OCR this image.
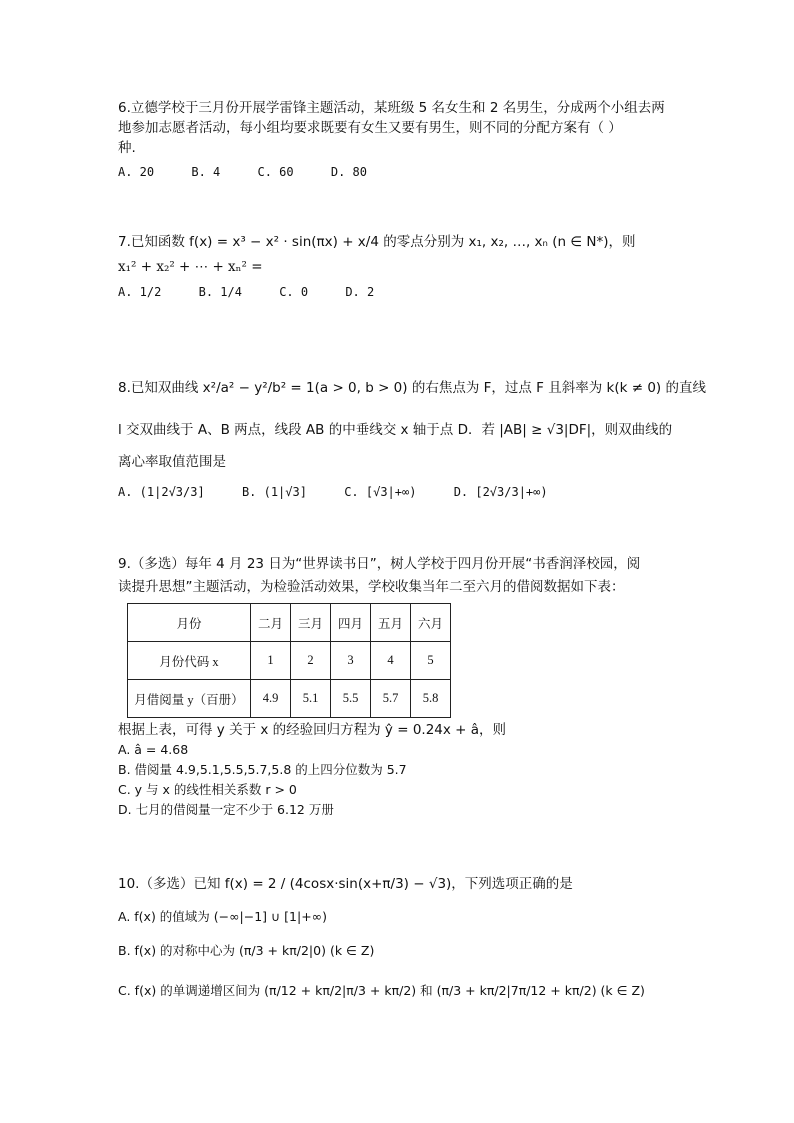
6.立德学校于三月份开展学雷锋主题活动，某班级 5 名女生和 2 名男生，分成两个小组去两
地参加志愿者活动，每小组均要求既要有女生又要有男生，则不同的分配方案有（ ）
种.
A. 20	B. 4	C. 60	D. 80
7.已知函数 f(x) = x³ − x² · sin(πx) + x/4 的零点分别为 x₁, x₂, …, xₙ (n ∈ N*)，则
x₁² + x₂² + ⋯ + xₙ² =
A. 1/2	B. 1/4	C. 0	D. 2
8.已知双曲线 x²/a² − y²/b² = 1(a > 0, b > 0) 的右焦点为 F，过点 F 且斜率为 k(k ≠ 0) 的直线
l 交双曲线于 A、B 两点，线段 AB 的中垂线交 x 轴于点 D．若 |AB| ≥ √3|DF|，则双曲线的
离心率取值范围是
A. (1|2√3/3]	B. (1|√3]	C. [√3|+∞)	D. [2√3/3|+∞)
9.（多选）每年 4 月 23 日为“世界读书日”，树人学校于四月份开展“书香润泽校园，阅
读提升思想”主题活动，为检验活动效果，学校收集当年二至六月的借阅数据如下表：
月份	二月	三月	四月	五月	六月
月份代码 x	1	2	3	4	5
月借阅量 y（百册）	4.9	5.1	5.5	5.7	5.8
根据上表，可得 y 关于 x 的经验回归方程为 ŷ = 0.24x + â，则
A. â = 4.68
B. 借阅量 4.9,5.1,5.5,5.7,5.8 的上四分位数为 5.7
C. y 与 x 的线性相关系数 r > 0
D. 七月的借阅量一定不少于 6.12 万册
10.（多选）已知 f(x) = 2 / (4cosx·sin(x+π/3) − √3)，下列选项正确的是
A. f(x) 的值域为 (−∞|−1] ∪ [1|+∞)
B. f(x) 的对称中心为 (π/3 + kπ/2|0) (k ∈ Z)
C. f(x) 的单调递增区间为 (π/12 + kπ/2|π/3 + kπ/2) 和 (π/3 + kπ/2|7π/12 + kπ/2) (k ∈ Z)
